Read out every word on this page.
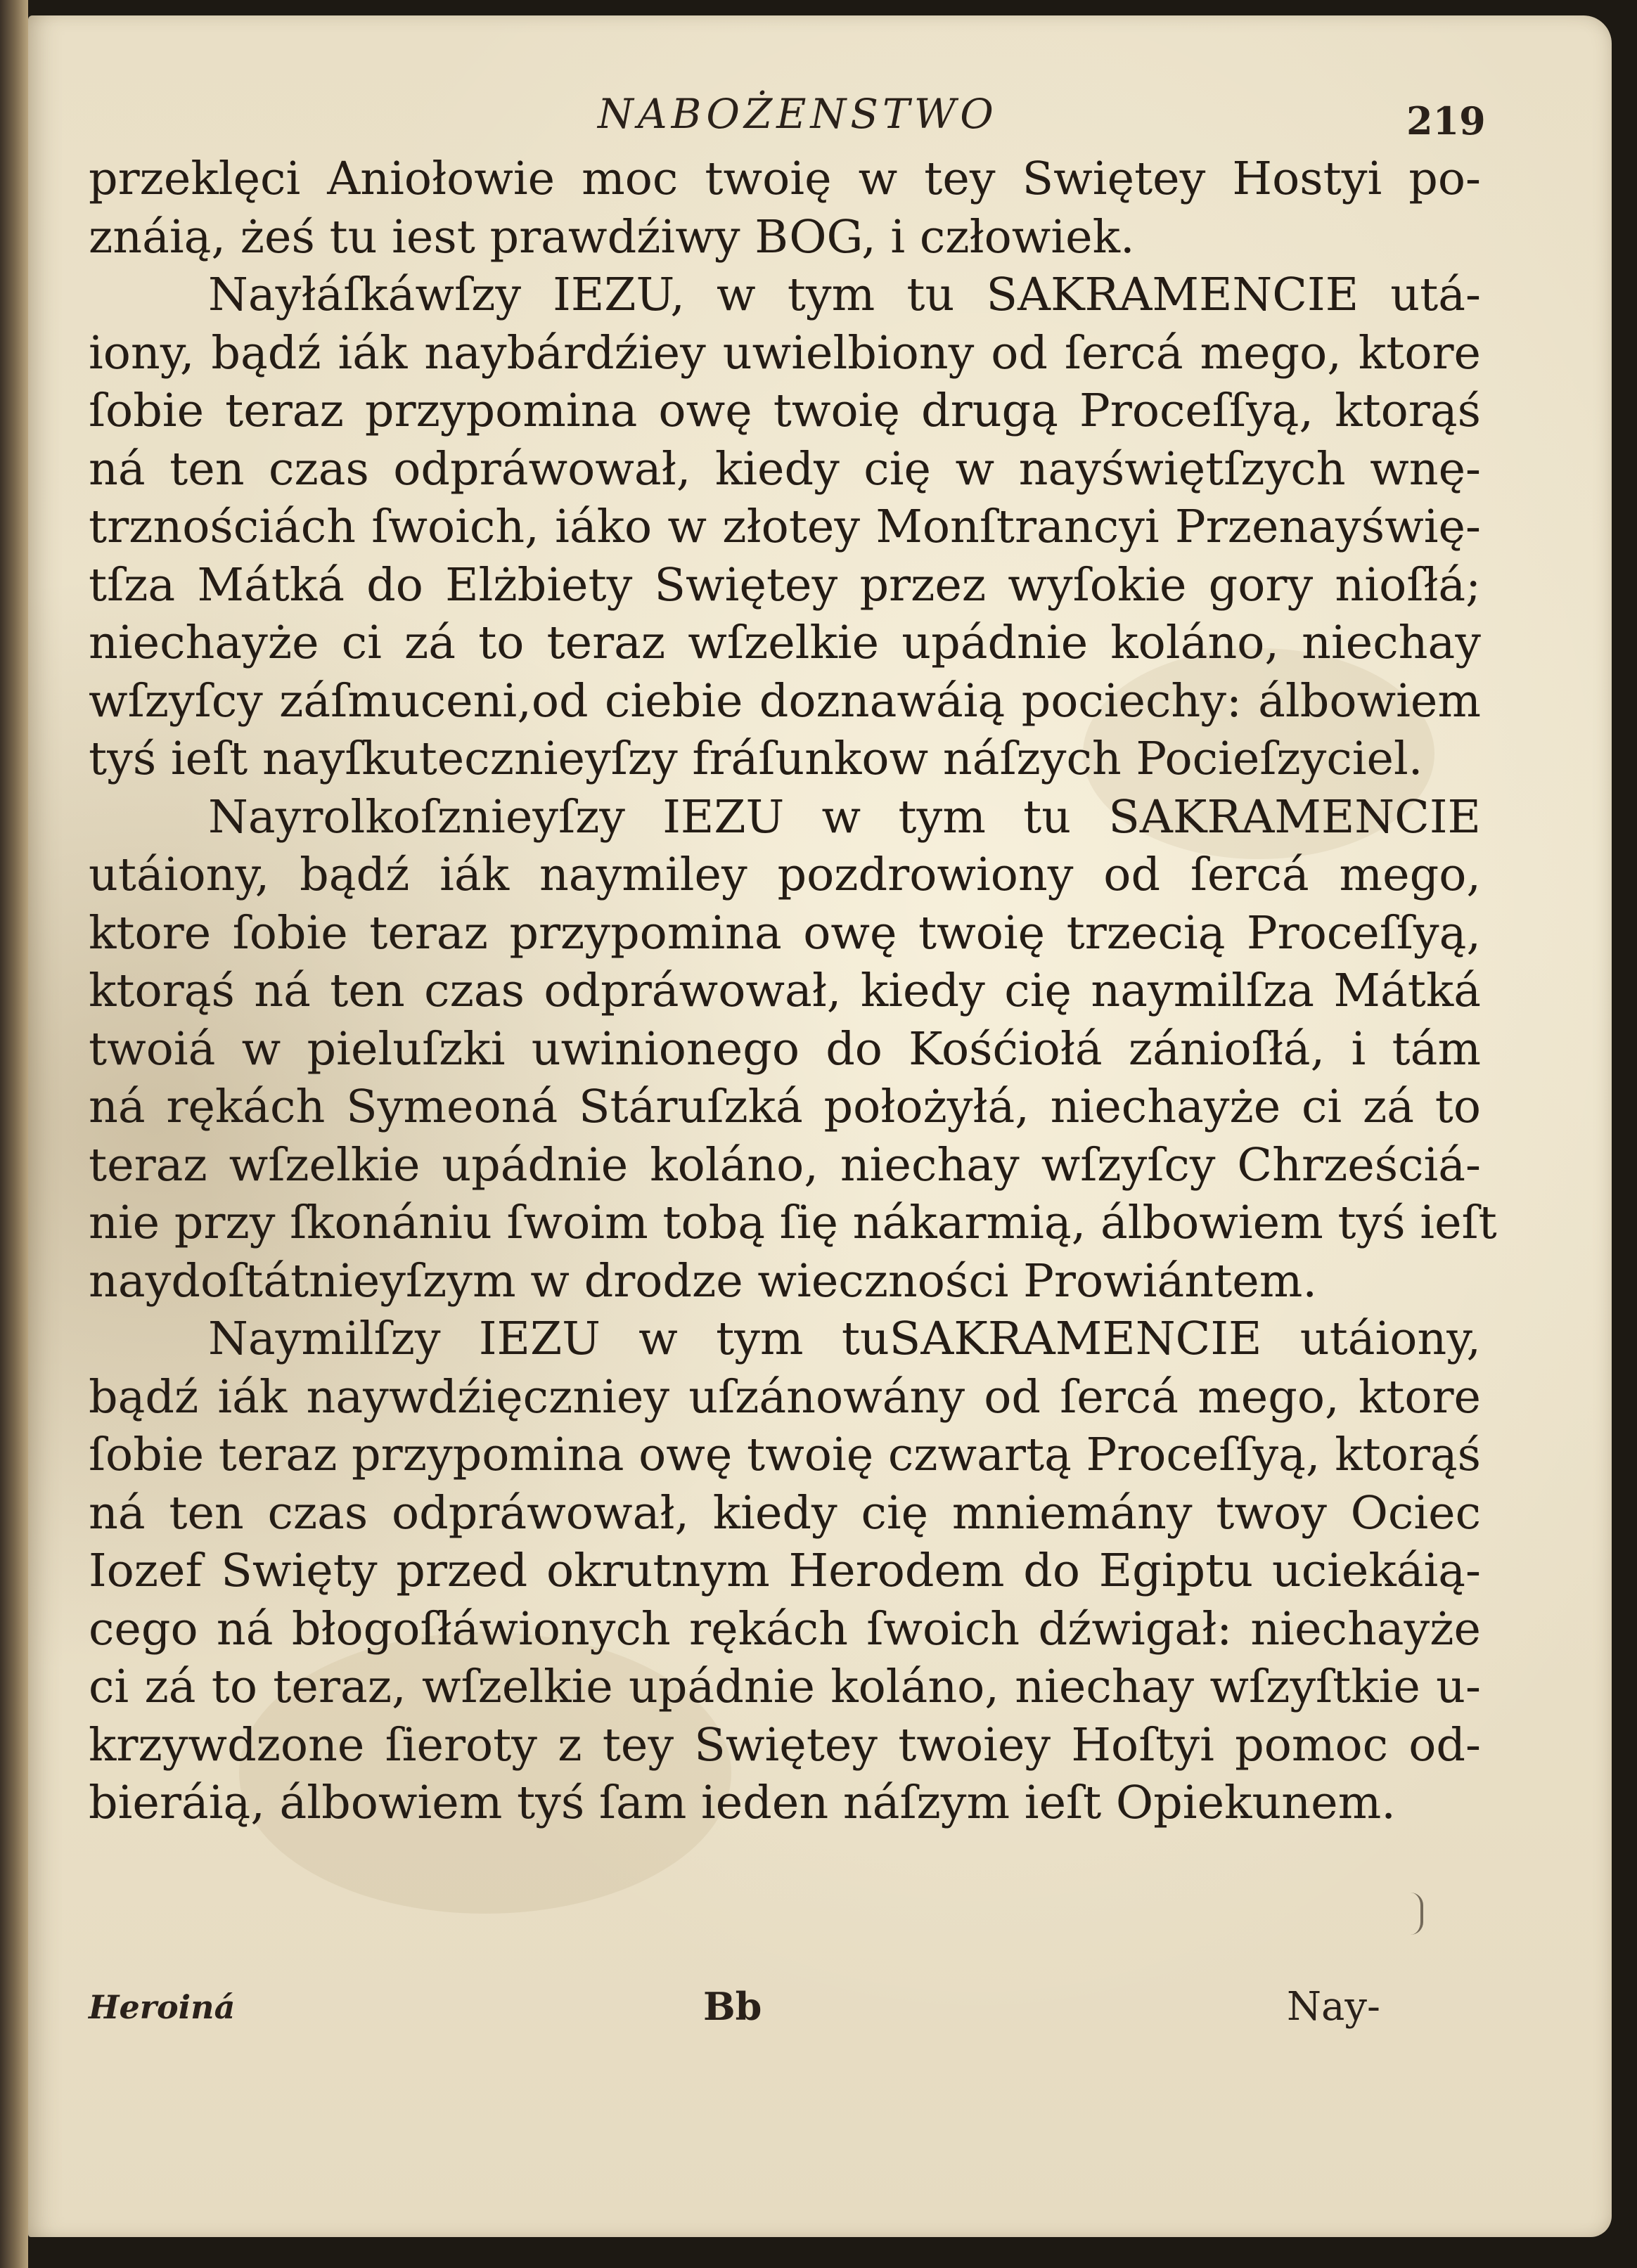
NABOŻENSTWO	219
przeklęci Aniołowie moc twoię w tey Swiętey Hostyi po-
znáią, żeś tu iest prawdźiwy BOG, i człowiek.
Nayłáſkáwſzy IEZU, w tym tu SAKRAMENCIE utá-
iony, bądź iák naybárdźiey uwielbiony od ſercá mego, ktore
ſobie teraz przypomina owę twoię drugą Proceſſyą, ktorąś
ná ten czas odpráwował, kiedy cię w nayświętſzych wnę-
trznościách ſwoich, iáko w złotey Monſtrancyi Przenayświę-
tſza Mátká do Elżbiety Swiętey przez wyſokie gory nioſłá;
niechayże ci zá to teraz wſzelkie upádnie koláno, niechay
wſzyſcy záſmuceni,od ciebie doznawáią pociechy: álbowiem
tyś ieſt nayſkutecznieyſzy fráſunkow náſzych Pocieſzyciel.
Nayrolkoſznieyſzy IEZU w tym tu SAKRAMENCIE
utáiony, bądź iák naymiley pozdrowiony od ſercá mego,
ktore ſobie teraz przypomina owę twoię trzecią Proceſſyą,
ktorąś ná ten czas odpráwował, kiedy cię naymilſza Mátká
twoiá w pieluſzki uwinionego do Kośćiołá zánioſłá, i tám
ná rękách Symeoná Stáruſzká położyłá, niechayże ci zá to
teraz wſzelkie upádnie koláno, niechay wſzyſcy Chrześciá-
nie przy ſkonániu ſwoim tobą ſię nákarmią, álbowiem tyś ieſt
naydoſtátnieyſzym w drodze wieczności Prowiántem.
Naymilſzy IEZU w tym tuSAKRAMENCIE utáiony,
bądź iák naywdźięczniey uſzánowány od ſercá mego, ktore
ſobie teraz przypomina owę twoię czwartą Proceſſyą, ktorąś
ná ten czas odpráwował, kiedy cię mniemány twoy Ociec
Iozef Swięty przed okrutnym Herodem do Egiptu uciekáią-
cego ná błogoſłáwionych rękách ſwoich dźwigał: niechayże
ci zá to teraz, wſzelkie upádnie koláno, niechay wſzyſtkie u-
krzywdzone ſieroty z tey Swiętey twoiey Hoſtyi pomoc od-
bieráią, álbowiem tyś ſam ieden náſzym ieſt Opiekunem.
Heroiná	Bb	Nay-
